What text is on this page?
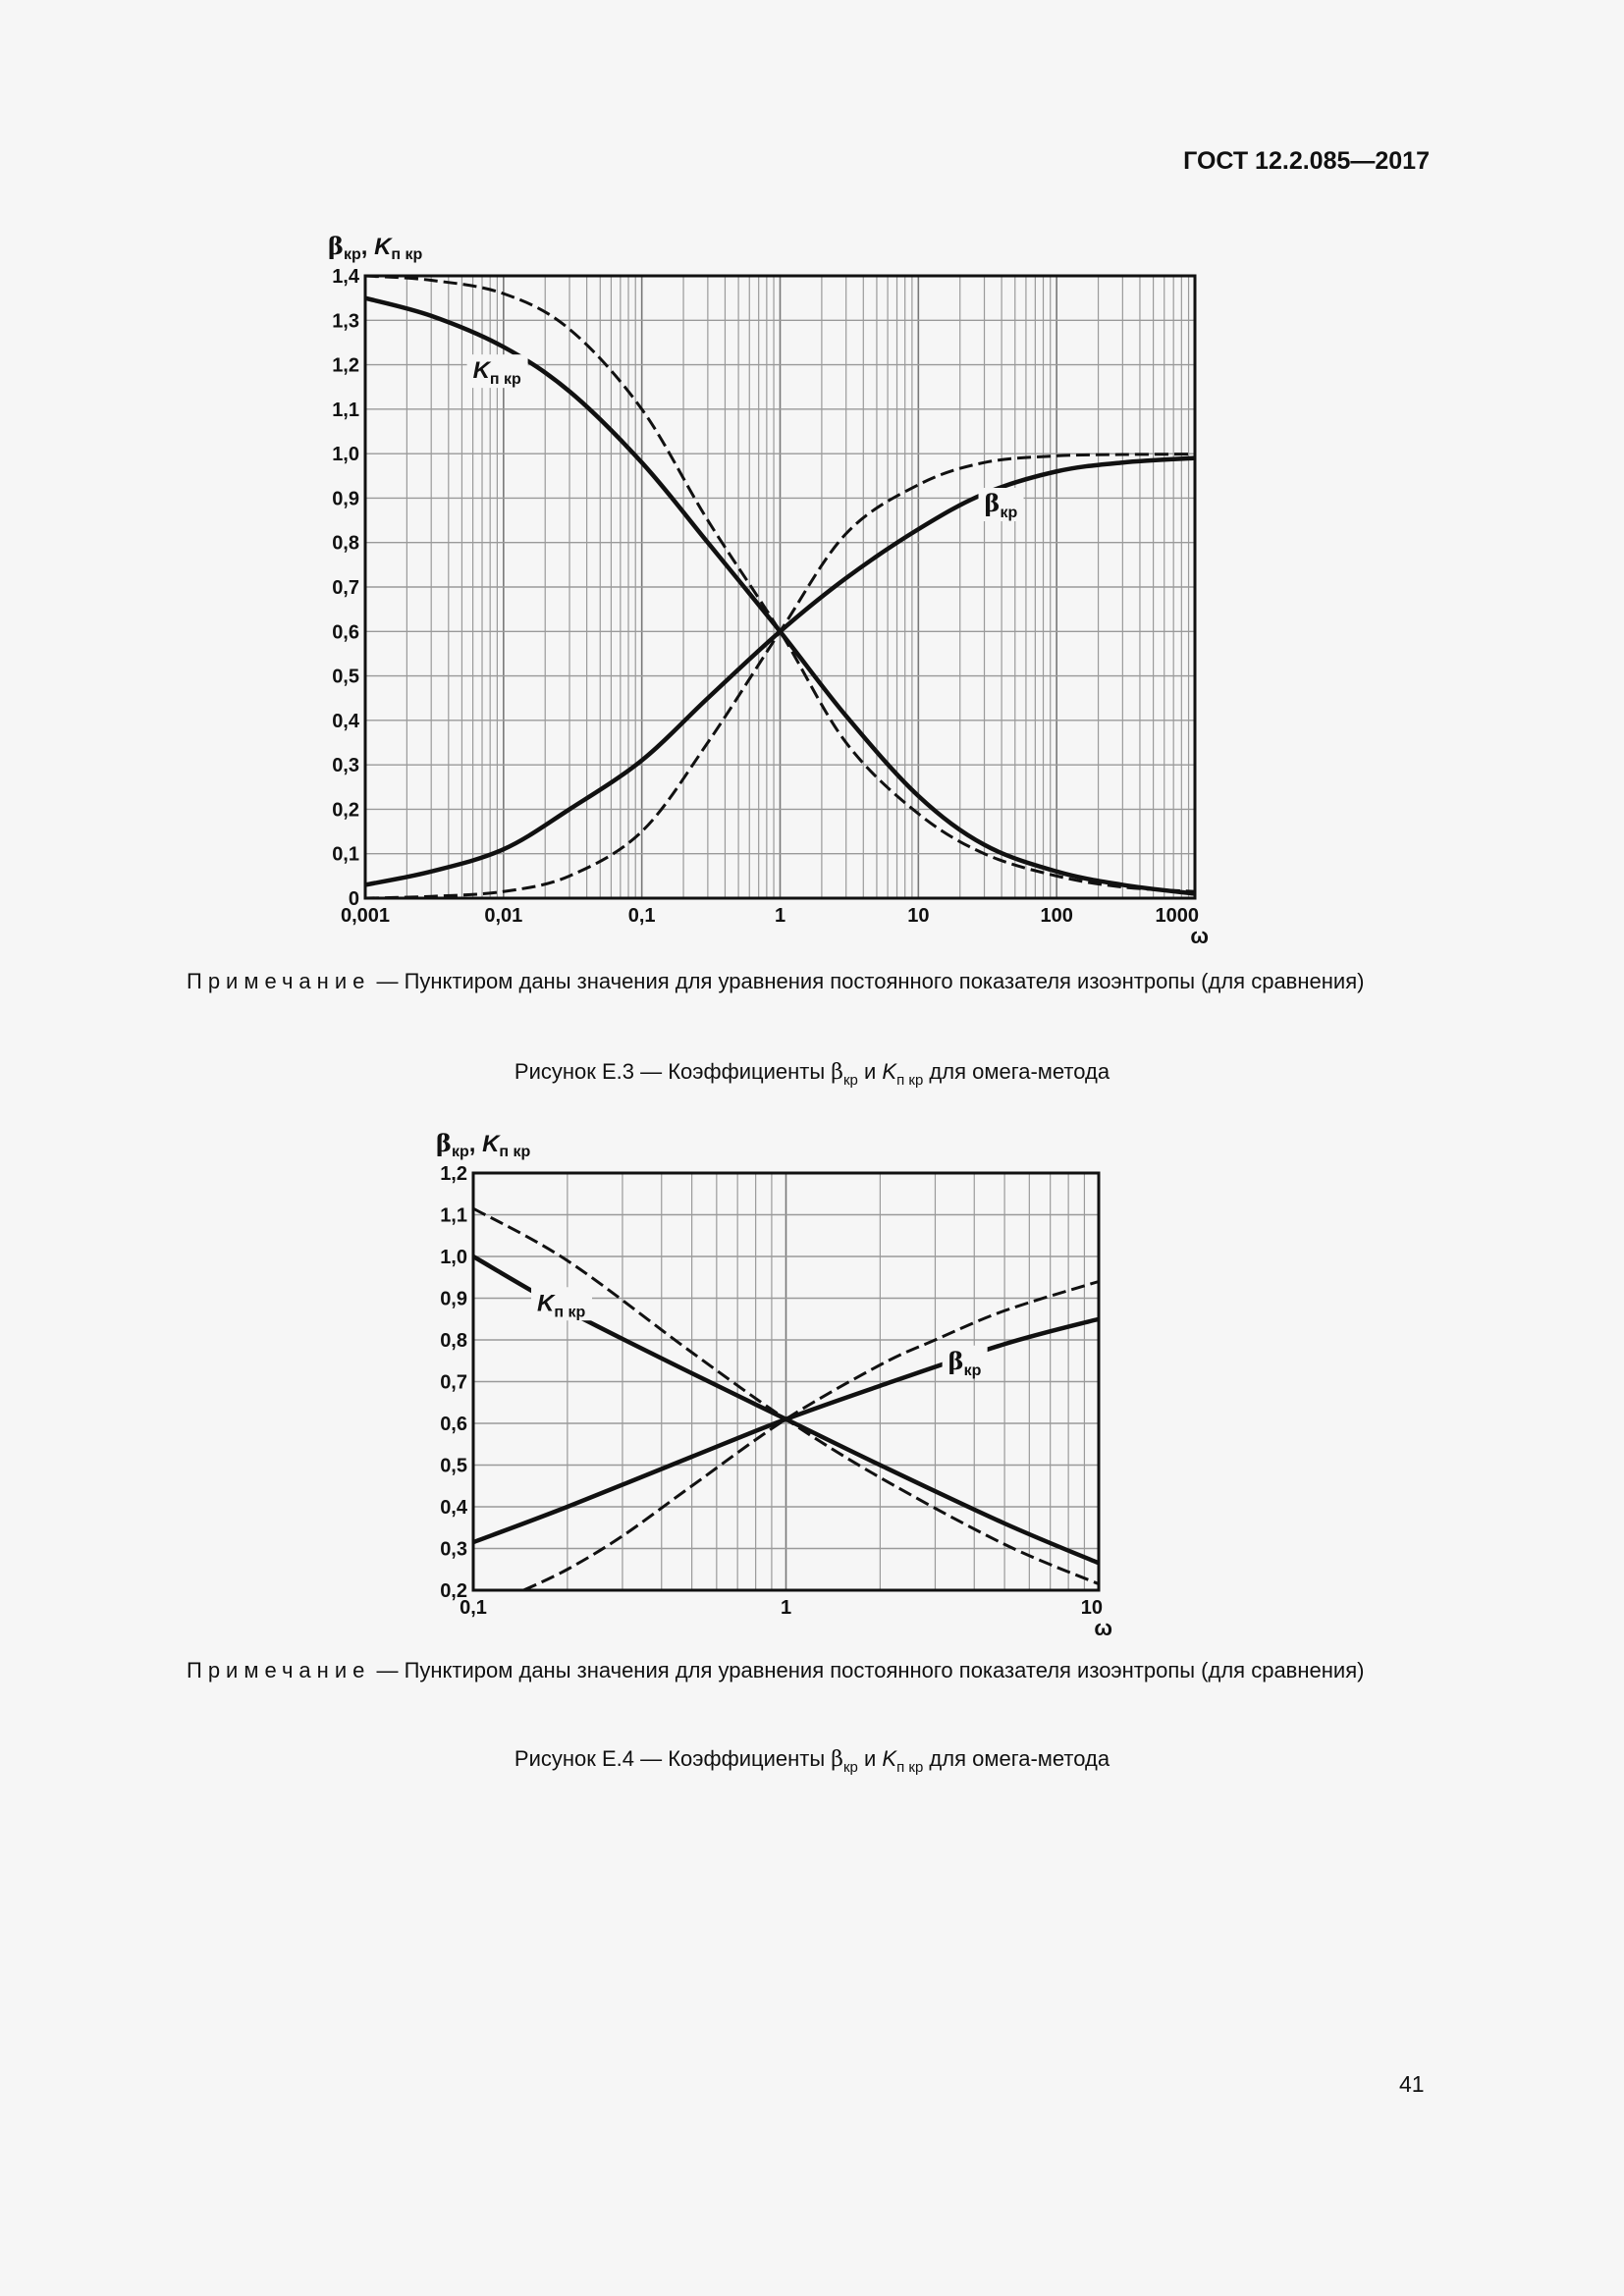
ГОСТ 12.2.085—2017
0,001	0,01	0,1	1	10	100	1000
0
0,1
0,2
0,3
0,4
0,5
0,6
0,7
0,8
0,9
1,0
1,1
1,2
1,3
1,4
ω
$\beta_{кр}$, $K_{п кр}$
$K_{п кр}$
$\beta_{кр}$
0,1	1	10
0,2
0,3
0,4
0,5
0,6
0,7
0,8
0,9
1,0
1,1
1,2
ω
$\beta_{кр}$, $K_{п кр}$
$K_{п кр}$
$\beta_{кр}$
Примечание — Пунктиром даны значения для уравнения постоянного показателя изоэнтропы (для сравнения)
Рисунок Е.3 — Коэффициенты $\beta_{кр}$ и $K_{п кр}$ для омега-метода
Примечание — Пунктиром даны значения для уравнения постоянного показателя изоэнтропы (для сравнения)
Рисунок Е.4 — Коэффициенты $\beta_{кр}$ и $K_{п кр}$ для омега-метода
41
